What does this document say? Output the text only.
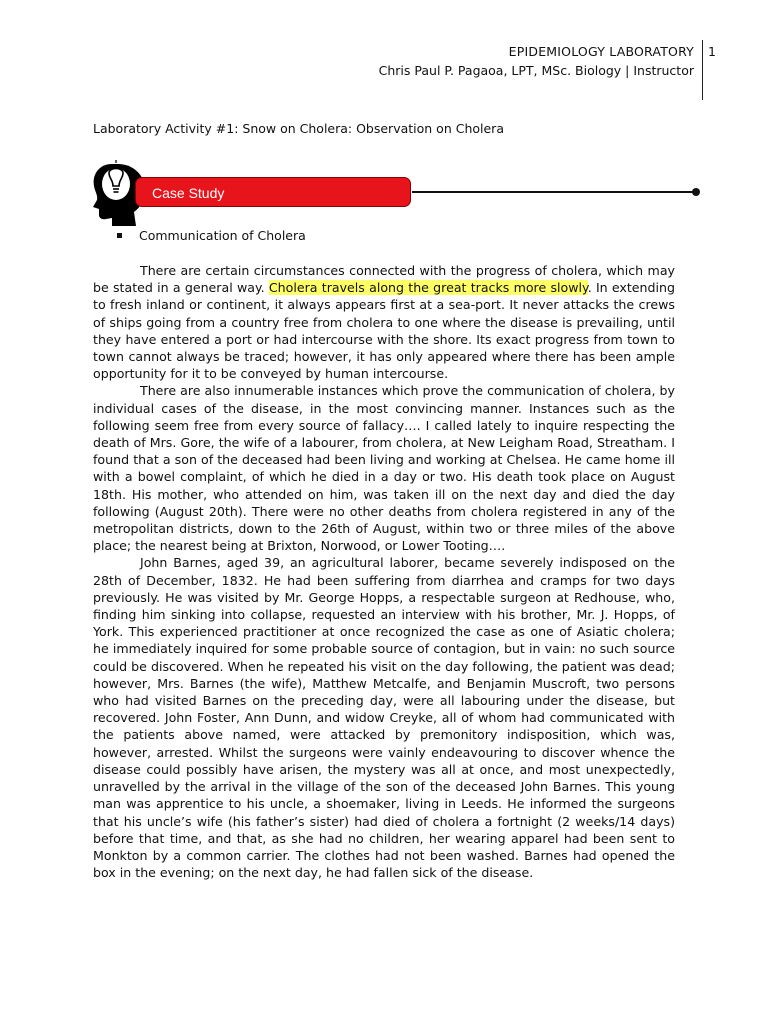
EPIDEMIOLOGY LABORATORY
Chris Paul P. Pagaoa, LPT, MSc. Biology | Instructor
1
Laboratory Activity #1: Snow on Cholera: Observation on Cholera
Case Study
Communication of Cholera

There are certain circumstances connected with the progress of cholera, which may be stated in a general way. Cholera travels along the great tracks more slowly. In extending to fresh inland or continent, it always appears first at a sea-port. It never attacks the crews of ships going from a country free from cholera to one where the disease is prevailing, until they have entered a port or had intercourse with the shore. Its exact progress from town to town cannot always be traced; however, it has only appeared where there has been ample opportunity for it to be conveyed by human intercourse.

There are also innumerable instances which prove the communication of cholera, by individual cases of the disease, in the most convincing manner. Instances such as the following seem free from every source of fallacy…. I called lately to inquire respecting the death of Mrs. Gore, the wife of a labourer, from cholera, at New Leigham Road, Streatham. I found that a son of the deceased had been living and working at Chelsea. He came home ill with a bowel complaint, of which he died in a day or two. His death took place on August 18th. His mother, who attended on him, was taken ill on the next day and died the day following (August 20th). There were no other deaths from cholera registered in any of the metropolitan districts, down to the 26th of August, within two or three miles of the above place; the nearest being at Brixton, Norwood, or Lower Tooting….

John Barnes, aged 39, an agricultural laborer, became severely indisposed on the 28th of December, 1832. He had been suffering from diarrhea and cramps for two days previously. He was visited by Mr. George Hopps, a respectable surgeon at Redhouse, who, finding him sinking into collapse, requested an interview with his brother, Mr. J. Hopps, of York. This experienced practitioner at once recognized the case as one of Asiatic cholera; he immediately inquired for some probable source of contagion, but in vain: no such source could be discovered. When he repeated his visit on the day following, the patient was dead; however, Mrs. Barnes (the wife), Matthew Metcalfe, and Benjamin Muscroft, two persons who had visited Barnes on the preceding day, were all labouring under the disease, but recovered. John Foster, Ann Dunn, and widow Creyke, all of whom had communicated with the patients above named, were attacked by premonitory indisposition, which was, however, arrested. Whilst the surgeons were vainly endeavouring to discover whence the disease could possibly have arisen, the mystery was all at once, and most unexpectedly, unravelled by the arrival in the village of the son of the deceased John Barnes. This young man was apprentice to his uncle, a shoemaker, living in Leeds. He informed the surgeons that his uncle’s wife (his father’s sister) had died of cholera a fortnight (2 weeks/14 days) before that time, and that, as she had no children, her wearing apparel had been sent to Monkton by a common carrier. The clothes had not been washed. Barnes had opened the box in the evening; on the next day, he had fallen sick of the disease.
